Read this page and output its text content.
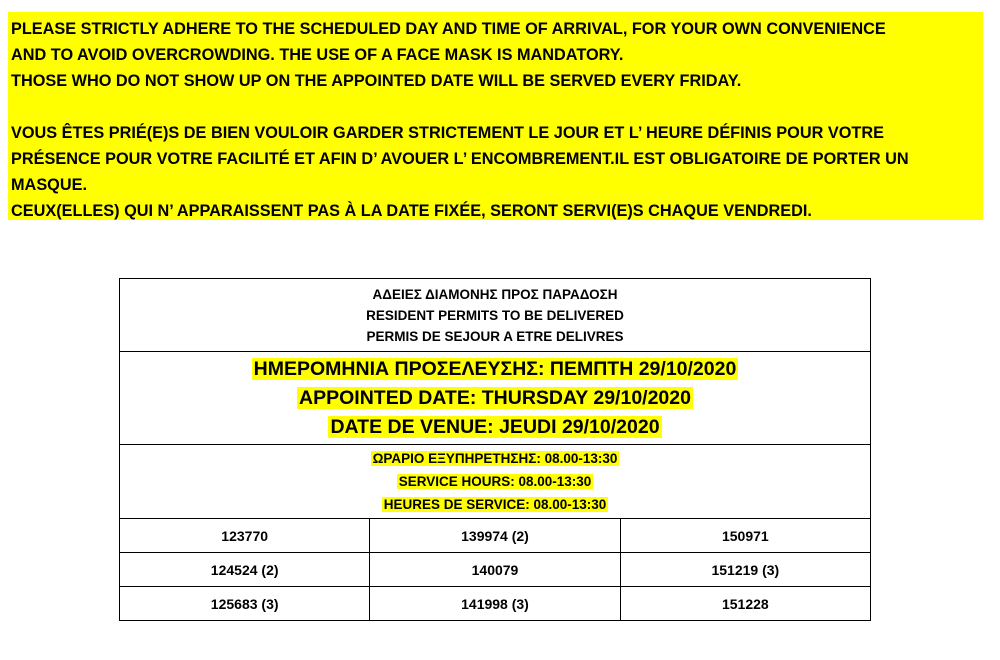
PLEASE STRICTLY ADHERE TO THE SCHEDULED DAY AND TIME OF ARRIVAL, FOR YOUR OWN CONVENIENCE

AND TO AVOID OVERCROWDING. THE USE OF A FACE MASK IS MANDATORY.

THOSE WHO DO NOT SHOW UP ON THE APPOINTED DATE WILL BE SERVED EVERY FRIDAY.

VOUS ÊTES PRIÉ(E)S DE BIEN VOULOIR GARDER STRICTEMENT LE JOUR ET L’ HEURE DÉFINIS POUR VOTRE

PRÉSENCE POUR VOTRE FACILITÉ ET AFIN D’ AVOUER L’ ENCOMBREMENT.IL EST OBLIGATOIRE DE PORTER UN

MASQUE.

CEUX(ELLES) QUI N’ APPARAISSENT PAS À LA DATE FIXÉE, SERONT SERVI(E)S CHAQUE VENDREDI.

ΑΔΕΙΕΣ ΔΙΑΜΟΝΗΣ ΠΡΟΣ ΠΑΡΑΔΟΣΗ
RESIDENT PERMITS TO BE DELIVERED
PERMIS DE SEJOUR A ETRE DELIVRES		

ΗΜΕΡΟΜΗΝΙΑ ΠΡΟΣΕΛΕΥΣΗΣ: ΠΕΜΠΤΗ 29/10/2020
APPOINTED DATE: THURSDAY 29/10/2020
DATE DE VENUE: JEUDI 29/10/2020		

ΩΡΑΡΙΟ ΕΞΥΠΗΡΕΤΗΣΗΣ: 08.00-13:30
SERVICE HOURS: 08.00-13:30
HEURES DE SERVICE: 08.00-13:30		

123770	139974 (2)	150971
124524 (2)	140079	151219 (3)
125683 (3)	141998 (3)	151228
